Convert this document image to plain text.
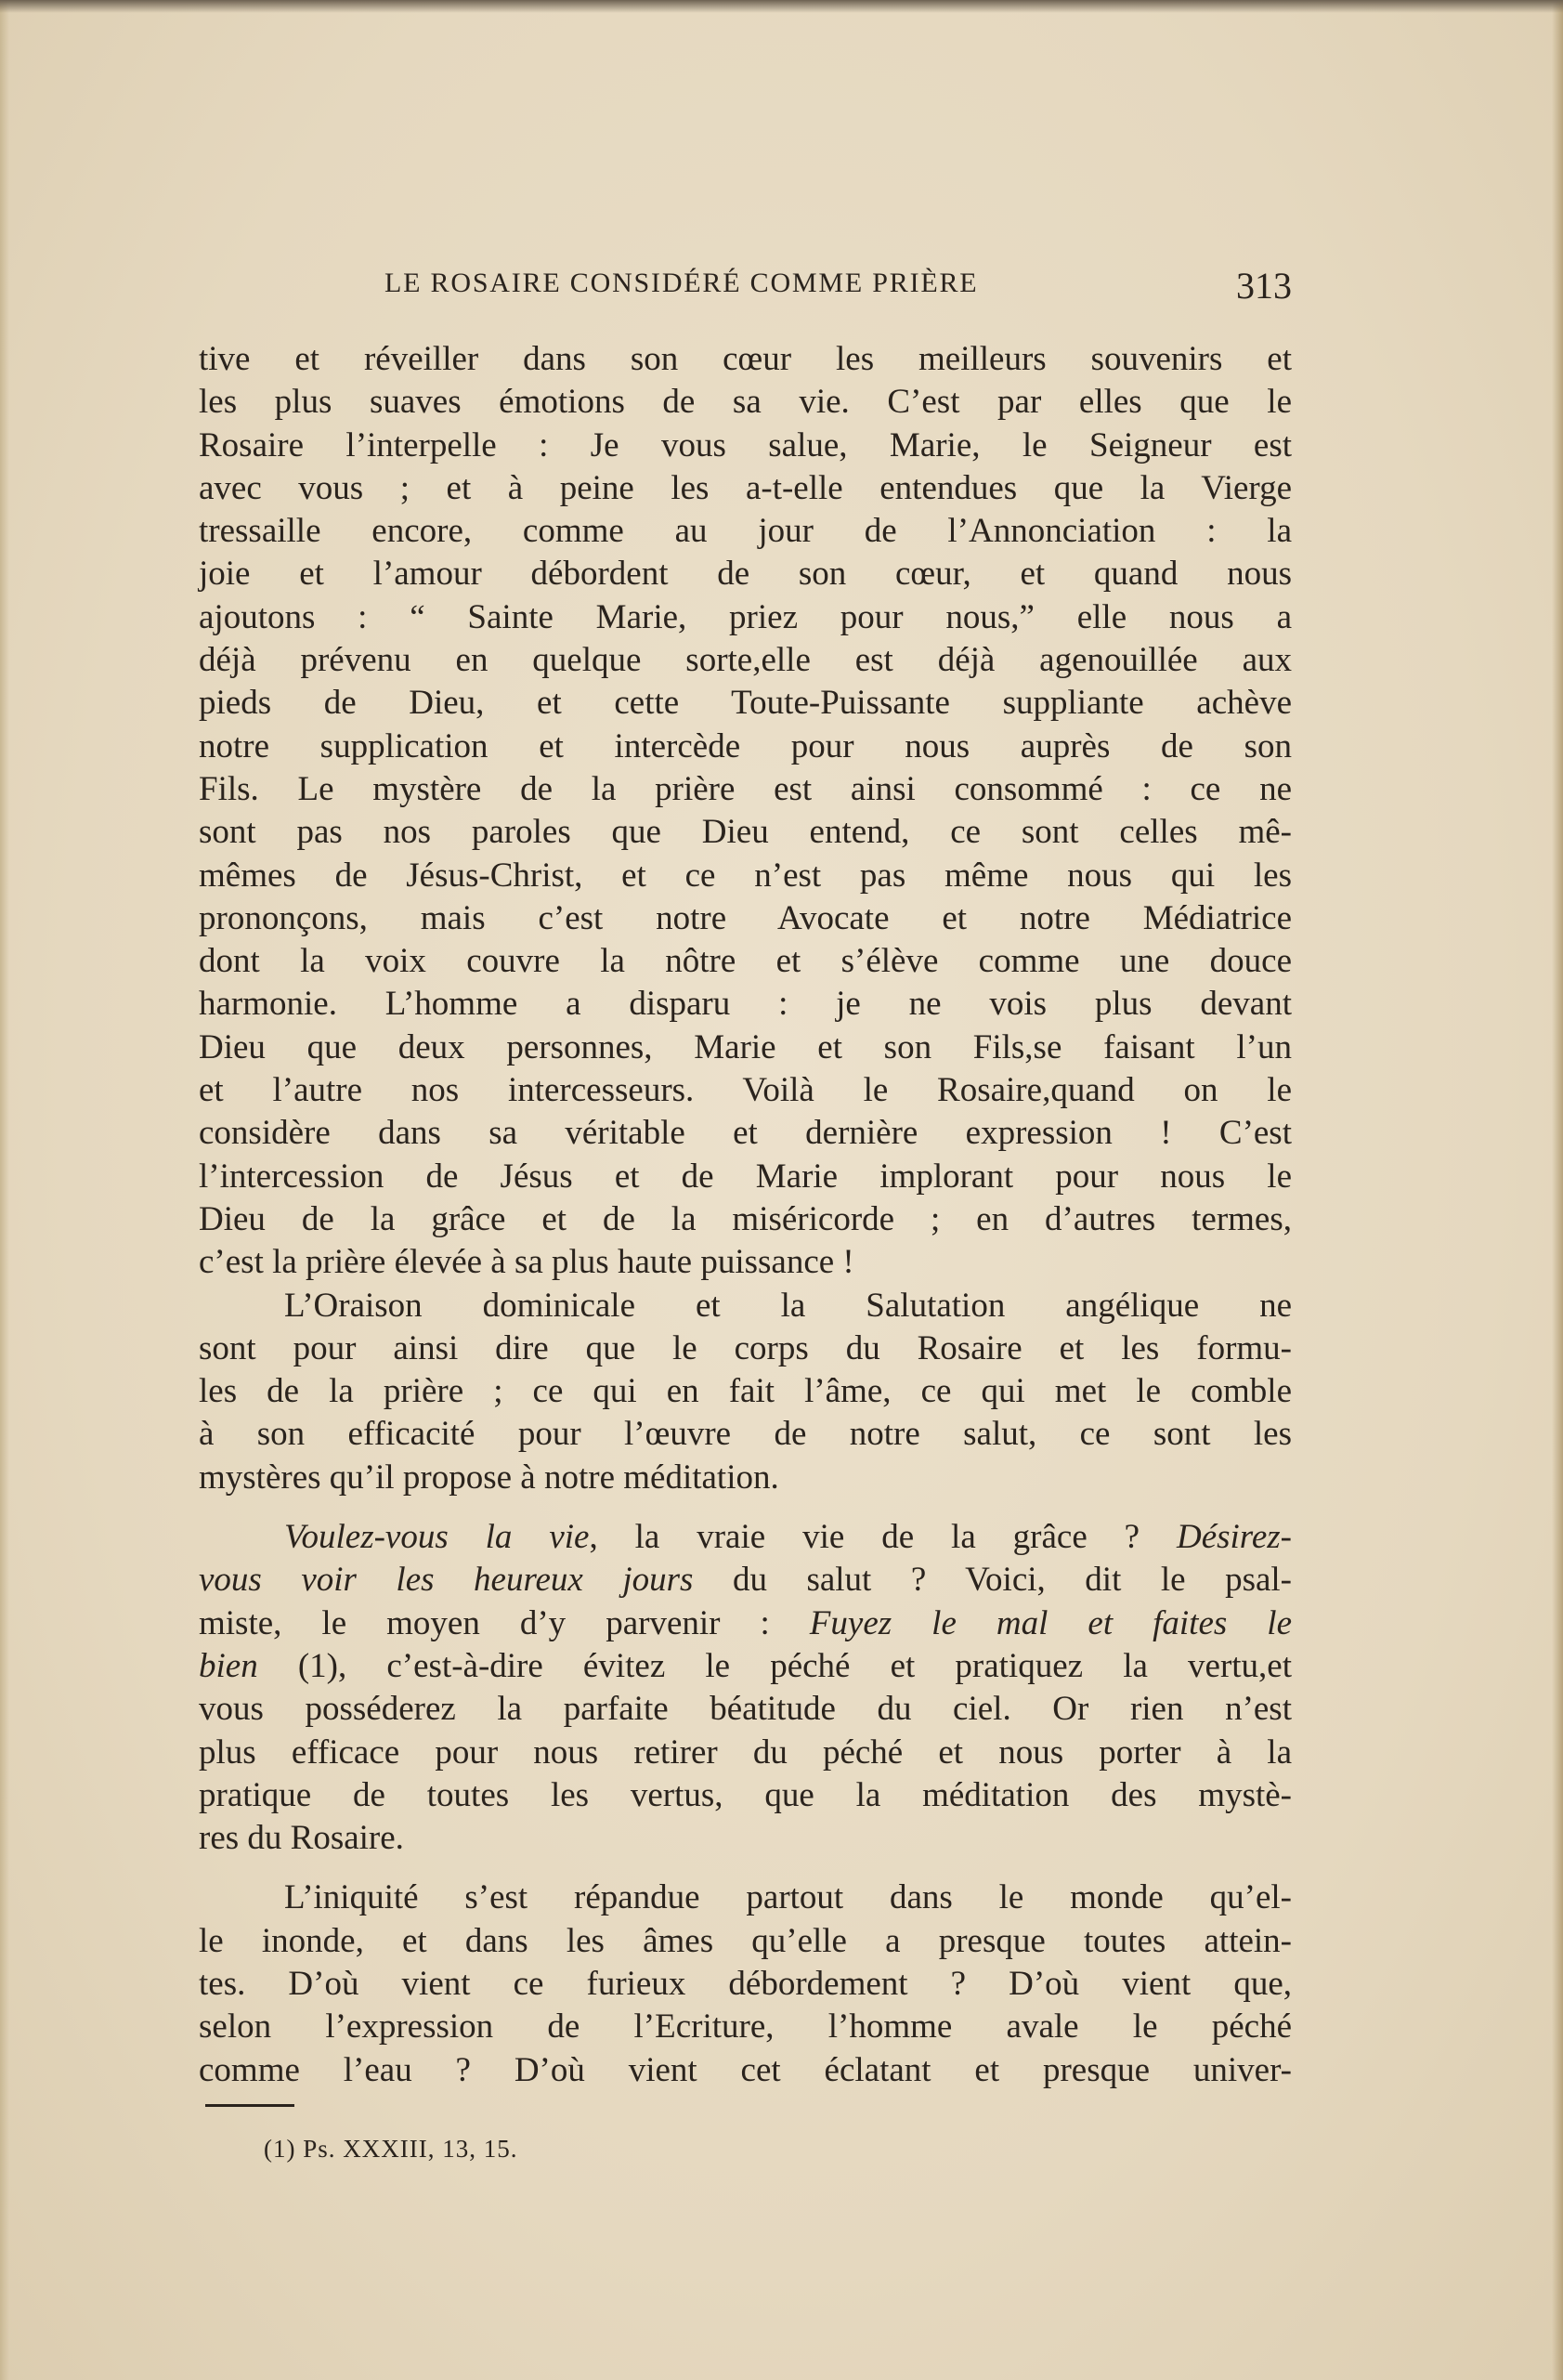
LE ROSAIRE CONSIDÉRÉ COMME PRIÈRE	313
tive et réveiller dans son cœur les meilleurs souvenirs et
les plus suaves émotions de sa vie. C’est par elles que le
Rosaire l’interpelle : Je vous salue, Marie, le Seigneur est
avec vous ; et à peine les a-t-elle entendues que la Vierge
tressaille encore, comme au jour de l’Annonciation : la
joie et l’amour débordent de son cœur, et quand nous
ajoutons : “ Sainte Marie, priez pour nous,” elle nous a
déjà prévenu en quelque sorte,elle est déjà agenouillée aux
pieds de Dieu, et cette Toute-Puissante suppliante achève
notre supplication et intercède pour nous auprès de son
Fils. Le mystère de la prière est ainsi consommé : ce ne
sont pas nos paroles que Dieu entend, ce sont celles mê-
mêmes de Jésus-Christ, et ce n’est pas même nous qui les
prononçons, mais c’est notre Avocate et notre Médiatrice
dont la voix couvre la nôtre et s’élève comme une douce
harmonie. L’homme a disparu : je ne vois plus devant
Dieu que deux personnes, Marie et son Fils,se faisant l’un
et l’autre nos intercesseurs. Voilà le Rosaire,quand on le
considère dans sa véritable et dernière expression ! C’est
l’intercession de Jésus et de Marie implorant pour nous le
Dieu de la grâce et de la miséricorde ; en d’autres termes,
c’est la prière élevée à sa plus haute puissance !
L’Oraison dominicale et la Salutation angélique ne
sont pour ainsi dire que le corps du Rosaire et les formu-
les de la prière ; ce qui en fait l’âme, ce qui met le comble
à son efficacité pour l’œuvre de notre salut, ce sont les
mystères qu’il propose à notre méditation.
Voulez-vous la vie, la vraie vie de la grâce ? Désirez-
vous voir les heureux jours du salut ? Voici, dit le psal-
miste, le moyen d’y parvenir : Fuyez le mal et faites le
bien (1), c’est-à-dire évitez le péché et pratiquez la vertu,et
vous posséderez la parfaite béatitude du ciel. Or rien n’est
plus efficace pour nous retirer du péché et nous porter à la
pratique de toutes les vertus, que la méditation des mystè-
res du Rosaire.
L’iniquité s’est répandue partout dans le monde qu’el-
le inonde, et dans les âmes qu’elle a presque toutes attein-
tes. D’où vient ce furieux débordement ? D’où vient que,
selon l’expression de l’Ecriture, l’homme avale le péché
comme l’eau ? D’où vient cet éclatant et presque univer-
(1) Ps. XXXIII, 13, 15.
